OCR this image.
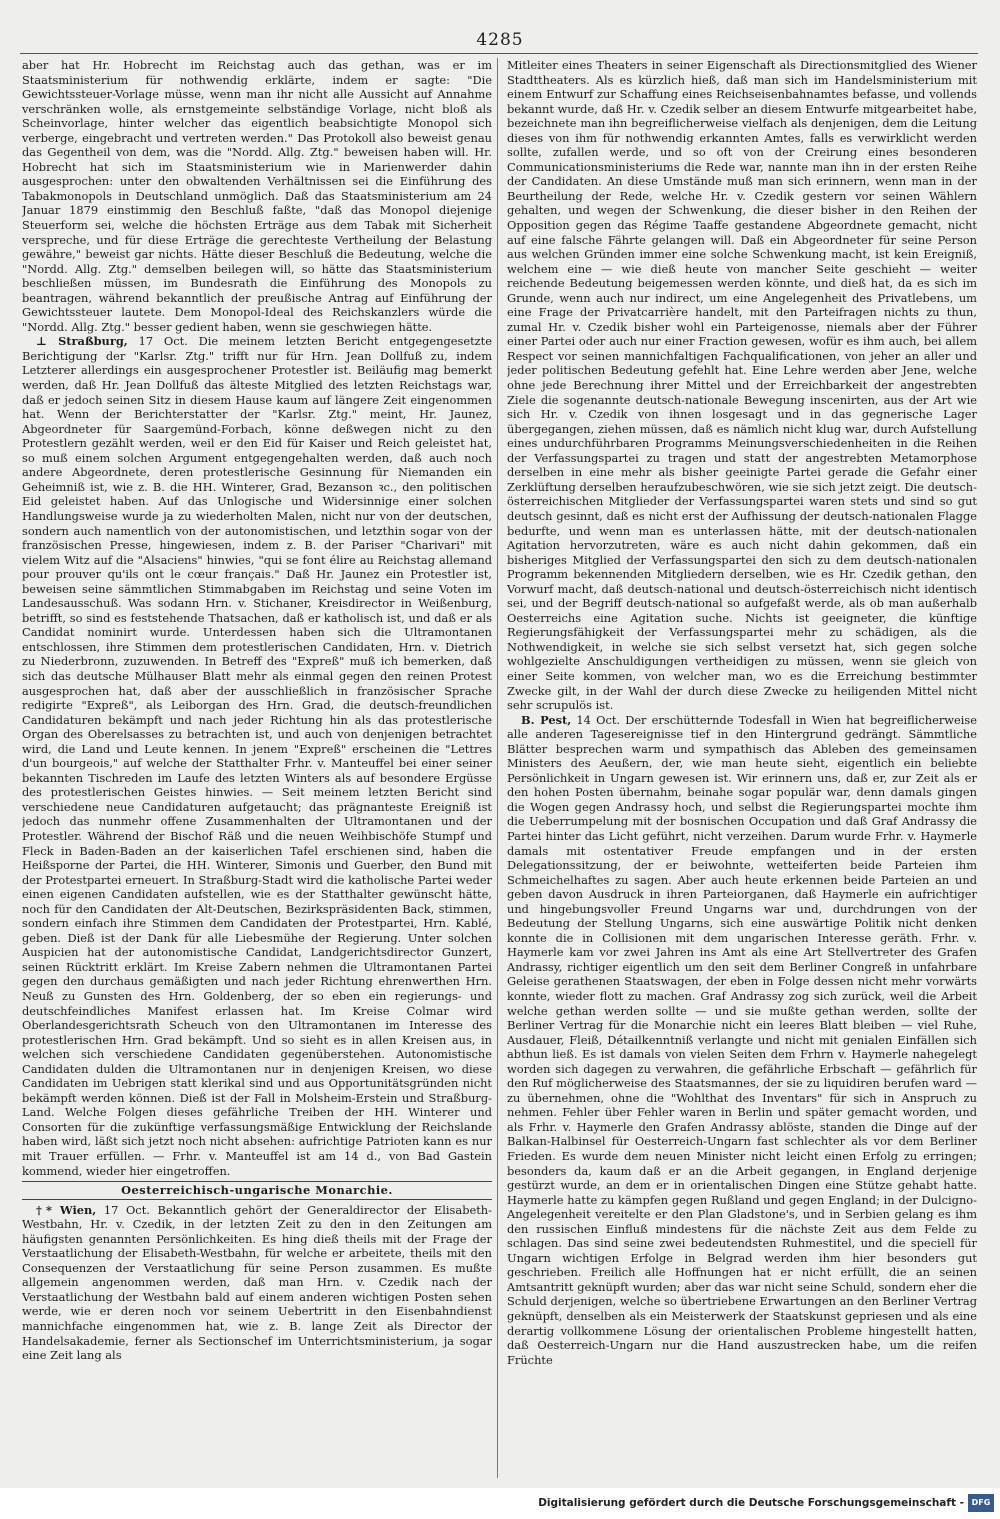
4285

aber hat Hr. Hobrecht im Reichstag auch das gethan, was er im Staatsministerium für nothwendig erklärte, indem er sagte: "Die Gewichtssteuer-Vorlage müsse, wenn man ihr nicht alle Aussicht auf Annahme verschränken wolle, als ernstgemeinte selbständige Vorlage, nicht bloß als Scheinvorlage, hinter welcher das eigentlich beabsichtigte Monopol sich verberge, eingebracht und vertreten werden." Das Protokoll also beweist genau das Gegentheil von dem, was die "Nordd. Allg. Ztg." beweisen haben will. Hr. Hobrecht hat sich im Staatsministerium wie in Marienwerder dahin ausgesprochen: unter den obwaltenden Verhältnissen sei die Einführung des Tabakmonopols in Deutschland unmöglich. Daß das Staatsministerium am 24 Januar 1879 einstimmig den Beschluß faßte, "daß das Monopol diejenige Steuerform sei, welche die höchsten Erträge aus dem Tabak mit Sicherheit verspreche, und für diese Erträge die gerechteste Vertheilung der Belastung gewähre," beweist gar nichts. Hätte dieser Beschluß die Bedeutung, welche die "Nordd. Allg. Ztg." demselben beilegen will, so hätte das Staatsministerium beschließen müssen, im Bundesrath die Einführung des Monopols zu beantragen, während bekanntlich der preußische Antrag auf Einführung der Gewichtssteuer lautete. Dem Monopol-Ideal des Reichskanzlers würde die "Nordd. Allg. Ztg." besser gedient haben, wenn sie geschwiegen hätte.

⊥ Straßburg, 17 Oct. Die meinem letzten Bericht entgegengesetzte Berichtigung der "Karlsr. Ztg." trifft nur für Hrn. Jean Dollfuß zu, indem Letzterer allerdings ein ausgesprochener Protestler ist. Beiläufig mag bemerkt werden, daß Hr. Jean Dollfuß das älteste Mitglied des letzten Reichstags war, daß er jedoch seinen Sitz in diesem Hause kaum auf längere Zeit eingenommen hat. Wenn der Berichterstatter der "Karlsr. Ztg." meint, Hr. Jaunez, Abgeordneter für Saargemünd-Forbach, könne deßwegen nicht zu den Protestlern gezählt werden, weil er den Eid für Kaiser und Reich geleistet hat, so muß einem solchen Argument entgegengehalten werden, daß auch noch andere Abgeordnete, deren protestlerische Gesinnung für Niemanden ein Geheimniß ist, wie z. B. die HH. Winterer, Grad, Bezanson ꝛc., den politischen Eid geleistet haben. Auf das Unlogische und Widersinnige einer solchen Handlungsweise wurde ja zu wiederholten Malen, nicht nur von der deutschen, sondern auch namentlich von der autonomistischen, und letzthin sogar von der französischen Presse, hingewiesen, indem z. B. der Pariser "Charivari" mit vielem Witz auf die "Alsaciens" hinwies, "qui se font élire au Reichstag allemand pour prouver qu'ils ont le cœur français." Daß Hr. Jaunez ein Protestler ist, beweisen seine sämmtlichen Stimmabgaben im Reichstag und seine Voten im Landesausschuß. Was sodann Hrn. v. Stichaner, Kreisdirector in Weißenburg, betrifft, so sind es feststehende Thatsachen, daß er katholisch ist, und daß er als Candidat nominirt wurde. Unterdessen haben sich die Ultramontanen entschlossen, ihre Stimmen dem protestlerischen Candidaten, Hrn. v. Dietrich zu Niederbronn, zuzuwenden. In Betreff des "Expreß" muß ich bemerken, daß sich das deutsche Mülhauser Blatt mehr als einmal gegen den reinen Protest ausgesprochen hat, daß aber der ausschließlich in französischer Sprache redigirte "Expreß", als Leiborgan des Hrn. Grad, die deutsch-freundlichen Candidaturen bekämpft und nach jeder Richtung hin als das protestlerische Organ des Oberelsasses zu betrachten ist, und auch von denjenigen betrachtet wird, die Land und Leute kennen. In jenem "Expreß" erscheinen die "Lettres d'un bourgeois," auf welche der Statthalter Frhr. v. Manteuffel bei einer seiner bekannten Tischreden im Laufe des letzten Winters als auf besondere Ergüsse des protestlerischen Geistes hinwies. — Seit meinem letzten Bericht sind verschiedene neue Candidaturen aufgetaucht; das prägnanteste Ereigniß ist jedoch das nunmehr offene Zusammenhalten der Ultramontanen und der Protestler. Während der Bischof Räß und die neuen Weihbischöfe Stumpf und Fleck in Baden-Baden an der kaiserlichen Tafel erschienen sind, haben die Heißsporne der Partei, die HH. Winterer, Simonis und Guerber, den Bund mit der Protestpartei erneuert. In Straßburg-Stadt wird die katholische Partei weder einen eigenen Candidaten aufstellen, wie es der Statthalter gewünscht hätte, noch für den Candidaten der Alt-Deutschen, Bezirkspräsidenten Back, stimmen, sondern einfach ihre Stimmen dem Candidaten der Protestpartei, Hrn. Kablé, geben. Dieß ist der Dank für alle Liebesmühe der Regierung. Unter solchen Auspicien hat der autonomistische Candidat, Landgerichtsdirector Gunzert, seinen Rücktritt erklärt. Im Kreise Zabern nehmen die Ultramontanen Partei gegen den durchaus gemäßigten und nach jeder Richtung ehrenwerthen Hrn. Neuß zu Gunsten des Hrn. Goldenberg, der so eben ein regierungs- und deutschfeindliches Manifest erlassen hat. Im Kreise Colmar wird Oberlandesgerichtsrath Scheuch von den Ultramontanen im Interesse des protestlerischen Hrn. Grad bekämpft. Und so sieht es in allen Kreisen aus, in welchen sich verschiedene Candidaten gegenüberstehen. Autonomistische Candidaten dulden die Ultramontanen nur in denjenigen Kreisen, wo diese Candidaten im Uebrigen statt klerikal sind und aus Opportunitätsgründen nicht bekämpft werden können. Dieß ist der Fall in Molsheim-Erstein und Straßburg-Land. Welche Folgen dieses gefährliche Treiben der HH. Winterer und Consorten für die zukünftige verfassungsmäßige Entwicklung der Reichslande haben wird, läßt sich jetzt noch nicht absehen: aufrichtige Patrioten kann es nur mit Trauer erfüllen. — Frhr. v. Manteuffel ist am 14 d., von Bad Gastein kommend, wieder hier eingetroffen.

Oesterreichisch-ungarische Monarchie.

†* Wien, 17 Oct. Bekanntlich gehört der Generaldirector der Elisabeth-Westbahn, Hr. v. Czedik, in der letzten Zeit zu den in den Zeitungen am häufigsten genannten Persönlichkeiten. Es hing dieß theils mit der Frage der Verstaatlichung der Elisabeth-Westbahn, für welche er arbeitete, theils mit den Consequenzen der Verstaatlichung für seine Person zusammen. Es mußte allgemein angenommen werden, daß man Hrn. v. Czedik nach der Verstaatlichung der Westbahn bald auf einem anderen wichtigen Posten sehen werde, wie er deren noch vor seinem Uebertritt in den Eisenbahndienst mannichfache eingenommen hat, wie z. B. lange Zeit als Director der Handelsakademie, ferner als Sectionschef im Unterrichtsministerium, ja sogar eine Zeit lang als

Mitleiter eines Theaters in seiner Eigenschaft als Directionsmitglied des Wiener Stadttheaters. Als es kürzlich hieß, daß man sich im Handelsministerium mit einem Entwurf zur Schaffung eines Reichseisenbahnamtes befasse, und vollends bekannt wurde, daß Hr. v. Czedik selber an diesem Entwurfe mitgearbeitet habe, bezeichnete man ihn begreiflicherweise vielfach als denjenigen, dem die Leitung dieses von ihm für nothwendig erkannten Amtes, falls es verwirklicht werden sollte, zufallen werde, und so oft von der Creirung eines besonderen Communicationsministeriums die Rede war, nannte man ihn in der ersten Reihe der Candidaten. An diese Umstände muß man sich erinnern, wenn man in der Beurtheilung der Rede, welche Hr. v. Czedik gestern vor seinen Wählern gehalten, und wegen der Schwenkung, die dieser bisher in den Reihen der Opposition gegen das Régime Taaffe gestandene Abgeordnete gemacht, nicht auf eine falsche Fährte gelangen will. Daß ein Abgeordneter für seine Person aus welchen Gründen immer eine solche Schwenkung macht, ist kein Ereigniß, welchem eine — wie dieß heute von mancher Seite geschieht — weiter reichende Bedeutung beigemessen werden könnte, und dieß hat, da es sich im Grunde, wenn auch nur indirect, um eine Angelegenheit des Privatlebens, um eine Frage der Privatcarrière handelt, mit den Parteifragen nichts zu thun, zumal Hr. v. Czedik bisher wohl ein Parteigenosse, niemals aber der Führer einer Partei oder auch nur einer Fraction gewesen, wofür es ihm auch, bei allem Respect vor seinen mannichfaltigen Fachqualificationen, von jeher an aller und jeder politischen Bedeutung gefehlt hat. Eine Lehre werden aber Jene, welche ohne jede Berechnung ihrer Mittel und der Erreichbarkeit der angestrebten Ziele die sogenannte deutsch-nationale Bewegung inscenirten, aus der Art wie sich Hr. v. Czedik von ihnen losgesagt und in das gegnerische Lager übergegangen, ziehen müssen, daß es nämlich nicht klug war, durch Aufstellung eines undurchführbaren Programms Meinungsverschiedenheiten in die Reihen der Verfassungspartei zu tragen und statt der angestrebten Metamorphose derselben in eine mehr als bisher geeinigte Partei gerade die Gefahr einer Zerklüftung derselben heraufzubeschwören, wie sie sich jetzt zeigt. Die deutsch-österreichischen Mitglieder der Verfassungspartei waren stets und sind so gut deutsch gesinnt, daß es nicht erst der Aufhissung der deutsch-nationalen Flagge bedurfte, und wenn man es unterlassen hätte, mit der deutsch-nationalen Agitation hervorzutreten, wäre es auch nicht dahin gekommen, daß ein bisheriges Mitglied der Verfassungspartei den sich zu dem deutsch-nationalen Programm bekennenden Mitgliedern derselben, wie es Hr. Czedik gethan, den Vorwurf macht, daß deutsch-national und deutsch-österreichisch nicht identisch sei, und der Begriff deutsch-national so aufgefaßt werde, als ob man außerhalb Oesterreichs eine Agitation suche. Nichts ist geeigneter, die künftige Regierungsfähigkeit der Verfassungspartei mehr zu schädigen, als die Nothwendigkeit, in welche sie sich selbst versetzt hat, sich gegen solche wohlgezielte Anschuldigungen vertheidigen zu müssen, wenn sie gleich von einer Seite kommen, von welcher man, wo es die Erreichung bestimmter Zwecke gilt, in der Wahl der durch diese Zwecke zu heiligenden Mittel nicht sehr scrupulös ist.

B. Pest, 14 Oct. Der erschütternde Todesfall in Wien hat begreiflicherweise alle anderen Tagesereignisse tief in den Hintergrund gedrängt. Sämmtliche Blätter besprechen warm und sympathisch das Ableben des gemeinsamen Ministers des Aeußern, der, wie man heute sieht, eigentlich ein beliebte Persönlichkeit in Ungarn gewesen ist. Wir erinnern uns, daß er, zur Zeit als er den hohen Posten übernahm, beinahe sogar populär war, denn damals gingen die Wogen gegen Andrassy hoch, und selbst die Regierungspartei mochte ihm die Ueberrumpelung mit der bosnischen Occupation und daß Graf Andrassy die Partei hinter das Licht geführt, nicht verzeihen. Darum wurde Frhr. v. Haymerle damals mit ostentativer Freude empfangen und in der ersten Delegationssitzung, der er beiwohnte, wetteiferten beide Parteien ihm Schmeichelhaftes zu sagen. Aber auch heute erkennen beide Parteien an und geben davon Ausdruck in ihren Parteiorganen, daß Haymerle ein aufrichtiger und hingebungsvoller Freund Ungarns war und, durchdrungen von der Bedeutung der Stellung Ungarns, sich eine auswärtige Politik nicht denken konnte die in Collisionen mit dem ungarischen Interesse geräth. Frhr. v. Haymerle kam vor zwei Jahren ins Amt als eine Art Stellvertreter des Grafen Andrassy, richtiger eigentlich um den seit dem Berliner Congreß in unfahrbare Geleise gerathenen Staatswagen, der eben in Folge dessen nicht mehr vorwärts konnte, wieder flott zu machen. Graf Andrassy zog sich zurück, weil die Arbeit welche gethan werden sollte — und sie mußte gethan werden, sollte der Berliner Vertrag für die Monarchie nicht ein leeres Blatt bleiben — viel Ruhe, Ausdauer, Fleiß, Détailkenntniß verlangte und nicht mit genialen Einfällen sich abthun ließ. Es ist damals von vielen Seiten dem Frhrn v. Haymerle nahegelegt worden sich dagegen zu verwahren, die gefährliche Erbschaft — gefährlich für den Ruf möglicherweise des Staatsmannes, der sie zu liquidiren berufen ward — zu übernehmen, ohne die "Wohlthat des Inventars" für sich in Anspruch zu nehmen. Fehler über Fehler waren in Berlin und später gemacht worden, und als Frhr. v. Haymerle den Grafen Andrassy ablöste, standen die Dinge auf der Balkan-Halbinsel für Oesterreich-Ungarn fast schlechter als vor dem Berliner Frieden. Es wurde dem neuen Minister nicht leicht einen Erfolg zu erringen; besonders da, kaum daß er an die Arbeit gegangen, in England derjenige gestürzt wurde, an dem er in orientalischen Dingen eine Stütze gehabt hatte. Haymerle hatte zu kämpfen gegen Rußland und gegen England; in der Dulcigno-Angelegenheit vereitelte er den Plan Gladstone's, und in Serbien gelang es ihm den russischen Einfluß mindestens für die nächste Zeit aus dem Felde zu schlagen. Das sind seine zwei bedeutendsten Ruhmestitel, und die speciell für Ungarn wichtigen Erfolge in Belgrad werden ihm hier besonders gut geschrieben. Freilich alle Hoffnungen hat er nicht erfüllt, die an seinen Amtsantritt geknüpft wurden; aber das war nicht seine Schuld, sondern eher die Schuld derjenigen, welche so übertriebene Erwartungen an den Berliner Vertrag geknüpft, denselben als ein Meisterwerk der Staatskunst gepriesen und als eine derartig vollkommene Lösung der orientalischen Probleme hingestellt hatten, daß Oesterreich-Ungarn nur die Hand auszustrecken habe, um die reifen Früchte

Digitalisierung gefördert durch die Deutsche Forschungsgemeinschaft - DFG
